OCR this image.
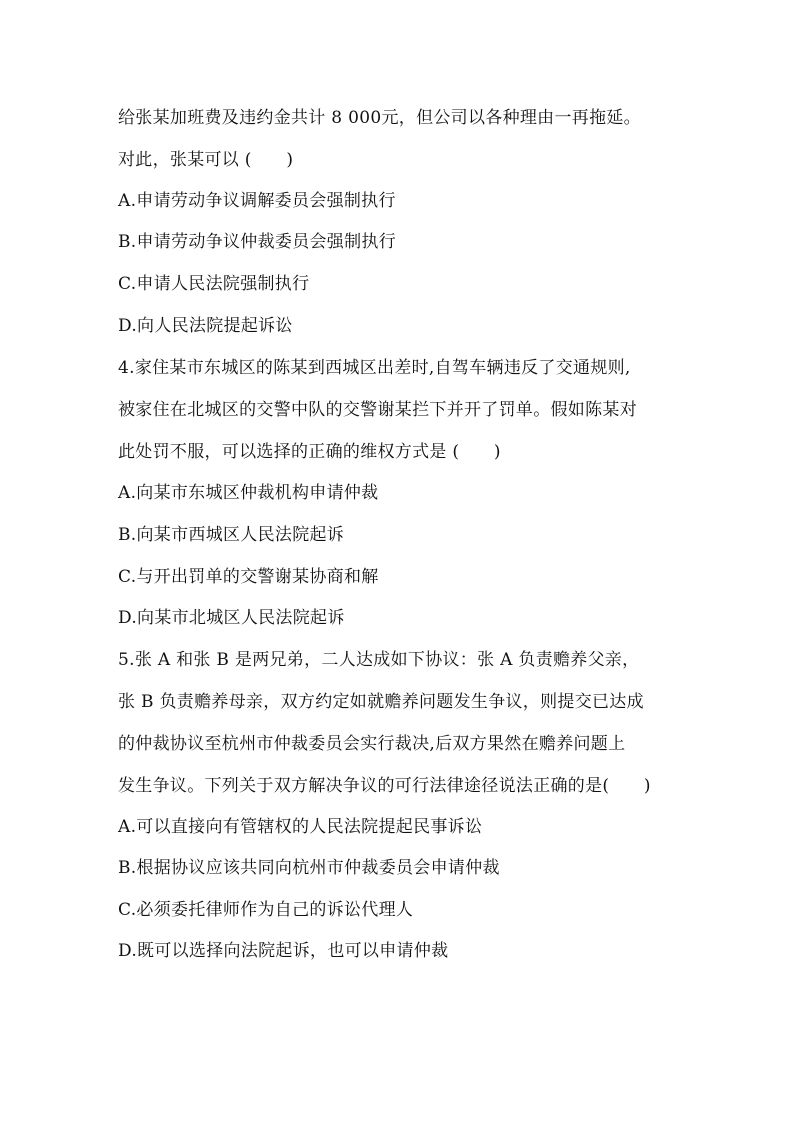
给张某加班费及违约金共计 8 000元，但公司以各种理由一再拖延。
对此，张某可以 (　　)
A.申请劳动争议调解委员会强制执行
B.申请劳动争议仲裁委员会强制执行
C.申请人民法院强制执行
D.向人民法院提起诉讼
4.家住某市东城区的陈某到西城区出差时,自驾车辆违反了交通规则,
被家住在北城区的交警中队的交警谢某拦下并开了罚单。假如陈某对
此处罚不服，可以选择的正确的维权方式是 (　　)
A.向某市东城区仲裁机构申请仲裁
B.向某市西城区人民法院起诉
C.与开出罚单的交警谢某协商和解
D.向某市北城区人民法院起诉
5.张 A 和张 B 是两兄弟，二人达成如下协议：张 A 负责赡养父亲，
张 B 负责赡养母亲，双方约定如就赡养问题发生争议，则提交已达成
的仲裁协议至杭州市仲裁委员会实行裁决,后双方果然在赡养问题上
发生争议。下列关于双方解决争议的可行法律途径说法正确的是(　　)
A.可以直接向有管辖权的人民法院提起民事诉讼
B.根据协议应该共同向杭州市仲裁委员会申请仲裁
C.必须委托律师作为自己的诉讼代理人
D.既可以选择向法院起诉，也可以申请仲裁
